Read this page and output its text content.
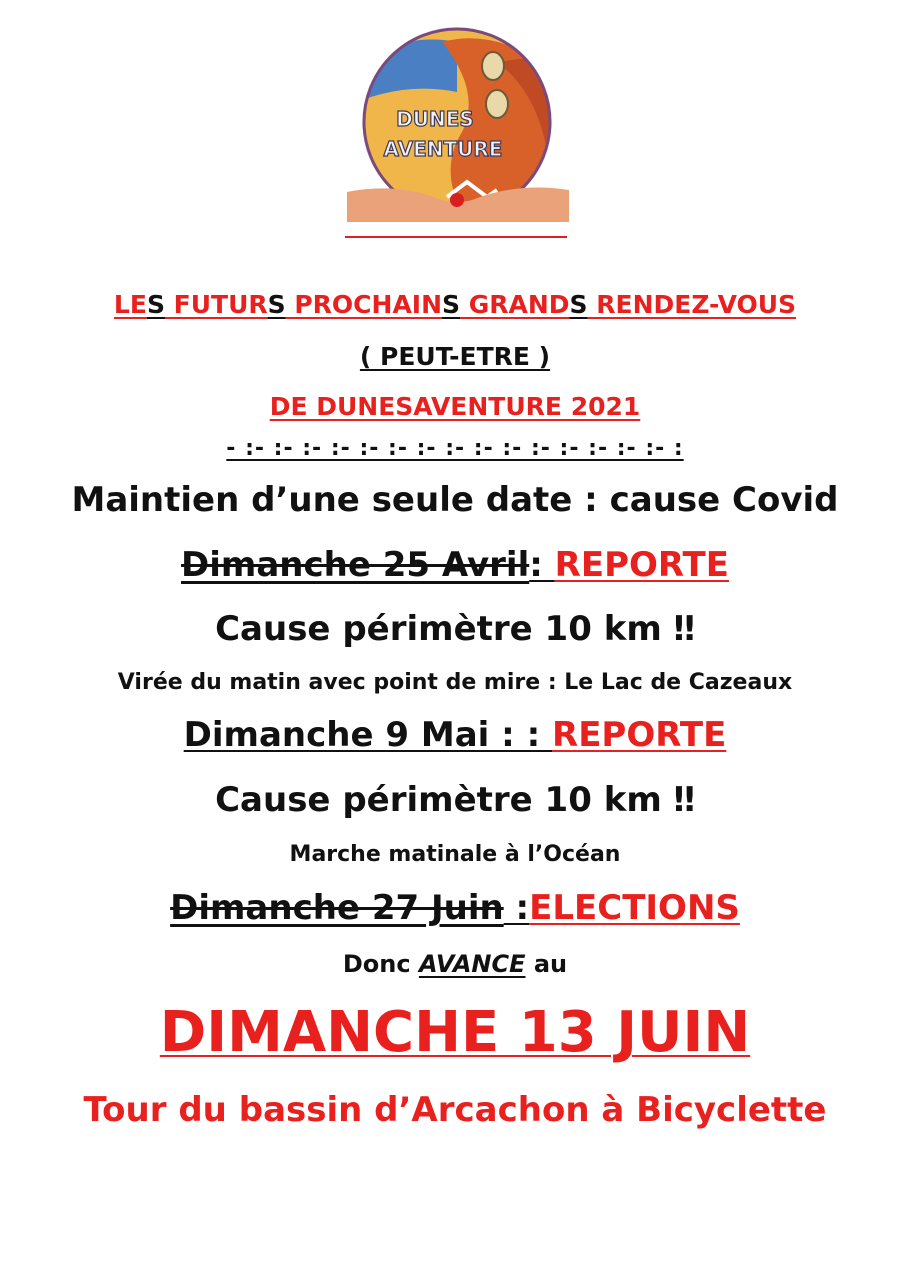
DUNES
AVENTURE
LES FUTURS PROCHAINS GRANDS RENDEZ-VOUS
( PEUT-ETRE )
DE DUNESAVENTURE 2021
- :- :- :- :- :- :- :- :- :- :- :- :- :- :- :- :
Maintien d’une seule date : cause Covid
Dimanche 25 Avril: REPORTE
Cause périmètre 10 km ‼
Virée du matin avec point de mire : Le Lac de Cazeaux
Dimanche 9 Mai : : REPORTE
Cause périmètre 10 km ‼
Marche matinale à l’Océan
Dimanche 27 Juin :ELECTIONS
Donc AVANCE au
DIMANCHE 13 JUIN
Tour du bassin d’Arcachon à Bicyclette
